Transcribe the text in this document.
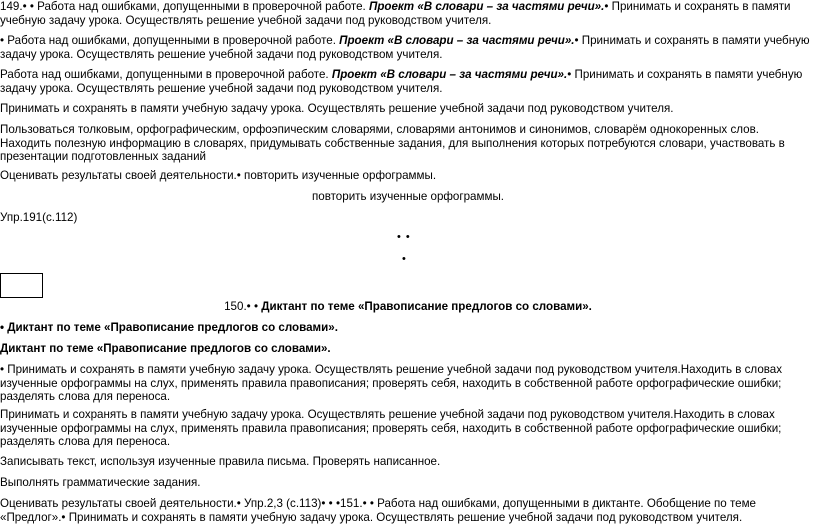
149.• • Работа над ошибками, допущенными в проверочной работе. Проект «В словари – за частями речи».• Принимать и сохранять в памяти учебную задачу урока. Осуществлять решение учебной задачи под руководством учителя.

• Работа над ошибками, допущенными в проверочной работе. Проект «В словари – за частями речи».• Принимать и сохранять в памяти учебную задачу урока. Осуществлять решение учебной задачи под руководством учителя.

Работа над ошибками, допущенными в проверочной работе. Проект «В словари – за частями речи».• Принимать и сохранять в памяти учебную задачу урока. Осуществлять решение учебной задачи под руководством учителя.

Принимать и сохранять в памяти учебную задачу урока. Осуществлять решение учебной задачи под руководством учителя.

Пользоваться толковым, орфографическим, орфоэпическим словарями, словарями антонимов и синонимов, словарём однокоренных слов. Находить полезную информацию в словарях, придумывать собственные задания, для выполнения которых потребуются словари, участвовать в презентации подготовленных заданий

Оценивать результаты своей деятельности.• повторить изученные орфограммы.

повторить изученные орфограммы.

Упр.191(с.112)

• •
•

150.• • Диктант по теме «Правописание предлогов со словами».

• Диктант по теме «Правописание предлогов со словами».

Диктант по теме «Правописание предлогов со словами».

• Принимать и сохранять в памяти учебную задачу урока. Осуществлять решение учебной задачи под руководством учителя.Находить в словах изученные орфограммы на слух, применять правила правописания; проверять себя, находить в собственной работе орфографические ошибки; разделять слова для переноса.

Принимать и сохранять в памяти учебную задачу урока. Осуществлять решение учебной задачи под руководством учителя.Находить в словах изученные орфограммы на слух, применять правила правописания; проверять себя, находить в собственной работе орфографические ошибки; разделять слова для переноса.

Записывать текст, используя изученные правила письма. Проверять написанное.

Выполнять грамматические задания.

Оценивать результаты своей деятельности.• Упр.2,3 (с.113)• • •151.• • Работа над ошибками, допущенными в диктанте. Обобщение по теме «Предлог».• Принимать и сохранять в памяти учебную задачу урока. Осуществлять решение учебной задачи под руководством учителя.
